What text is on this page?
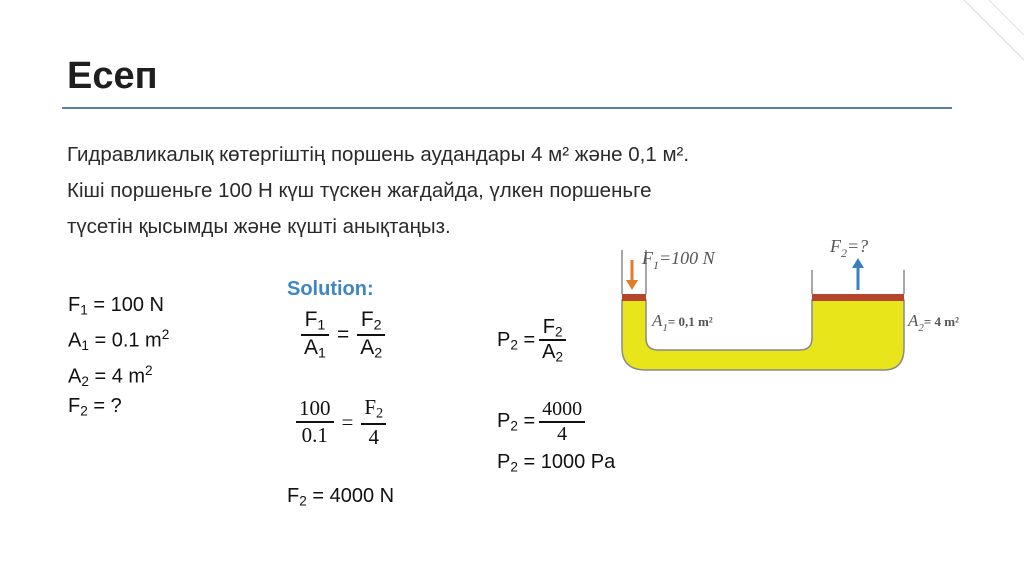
Есеп
Гидравликалық көтергіштің поршень аудандары 4 м² және 0,1 м².
Кіші поршеньге 100 Н күш түскен жағдайда, үлкен поршеньге
түсетін қысымды және күшті анықтаңыз.
$F_1 = 100$ N
$A_1 = 0.1$ $m^2$
$A_2 = 4$ $m^2$
$F_2$ = ?
Solution:
$\frac{F_1}{A_1} = \frac{F_2}{A_2}$
$\frac{100}{0.1} = \frac{F_2}{4}$
$F_2 = 4000$ N
$P_2 = \frac{F_2}{A_2}$
$P_2 = \frac{4000}{4}$
$P_2 = 1000$ Pa
$F_1=100$ N
$F_2=$?
$A_1^{= 0,1 m^2}$	$A_2^{= 4 m^2}$
